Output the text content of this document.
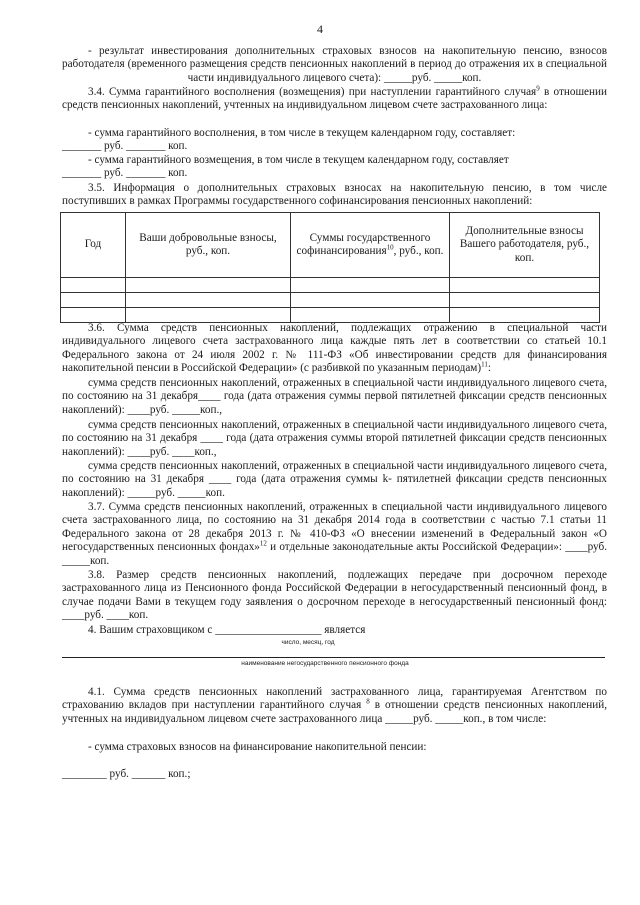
4

- результат инвестирования дополнительных страховых взносов на накопительную пенсию, взносов работодателя (временного размещения средств пенсионных накоплений в период до отражения их в специальной части индивидуального лицевого счета): _____руб. _____коп.

3.4. Сумма гарантийного восполнения (возмещения) при наступлении гарантийного случая$^9$ в отношении средств пенсионных накоплений, учтенных на индивидуальном лицевом счете застрахованного лица:

- сумма гарантийного восполнения, в том числе в текущем календарном году, составляет:

_______ руб. _______ коп.

- сумма гарантийного возмещения, в том числе в текущем календарном году, составляет

_______ руб. _______ коп.

3.5. Информация о дополнительных страховых взносах на накопительную пенсию, в том числе поступивших в рамках Программы государственного софинансирования пенсионных накоплений:

Год	Ваши добровольные взносы, руб., коп.	Суммы государственного софинансирования$^{10}$, руб., коп.	Дополнительные взносы Вашего работодателя, руб., коп.

3.6. Сумма средств пенсионных накоплений, подлежащих отражению в специальной части индивидуального лицевого счета застрахованного лица каждые пять лет в соответствии со статьей 10.1 Федерального закона от 24 июля 2002 г. № 111-ФЗ «Об инвестировании средств для финансирования накопительной пенсии в Российской Федерации» (с разбивкой по указанным периодам)$^{11}$:

сумма средств пенсионных накоплений, отраженных в специальной части индивидуального лицевого счета, по состоянию на 31 декабря____ года (дата отражения суммы первой пятилетней фиксации средств пенсионных накоплений): ____руб. _____коп.,

сумма средств пенсионных накоплений, отраженных в специальной части индивидуального лицевого счета, по состоянию на 31 декабря ____ года (дата отражения суммы второй пятилетней фиксации средств пенсионных накоплений): ____руб. ____коп.,

сумма средств пенсионных накоплений, отраженных в специальной части индивидуального лицевого счета, по состоянию на 31 декабря ____ года (дата отражения суммы k- пятилетней фиксации средств пенсионных накоплений): _____руб. _____коп.

3.7. Сумма средств пенсионных накоплений, отраженных в специальной части индивидуального лицевого счета застрахованного лица, по состоянию на 31 декабря 2014 года в соответствии с частью 7.1 статьи 11 Федерального закона от 28 декабря 2013 г. № 410-ФЗ «О внесении изменений в Федеральный закон «О негосударственных пенсионных фондах»$^{12}$ и отдельные законодательные акты Российской Федерации»: ____руб. _____коп.

3.8. Размер средств пенсионных накоплений, подлежащих передаче при досрочном переходе застрахованного лица из Пенсионного фонда Российской Федерации в негосударственный пенсионный фонд, в случае подачи Вами в текущем году заявления о досрочном переходе в негосударственный пенсионный фонд: ____руб. ____коп.

4. Вашим страховщиком с ___________________ является

число, месяц, год
наименование негосударственного пенсионного фонда

4.1. Сумма средств пенсионных накоплений застрахованного лица, гарантируемая Агентством по страхованию вкладов при наступлении гарантийного случая $^8$ в отношении средств пенсионных накоплений, учтенных на индивидуальном лицевом счете застрахованного лица _____руб. _____коп., в том числе:

- сумма страховых взносов на финансирование накопительной пенсии:

________ руб. ______ коп.;
